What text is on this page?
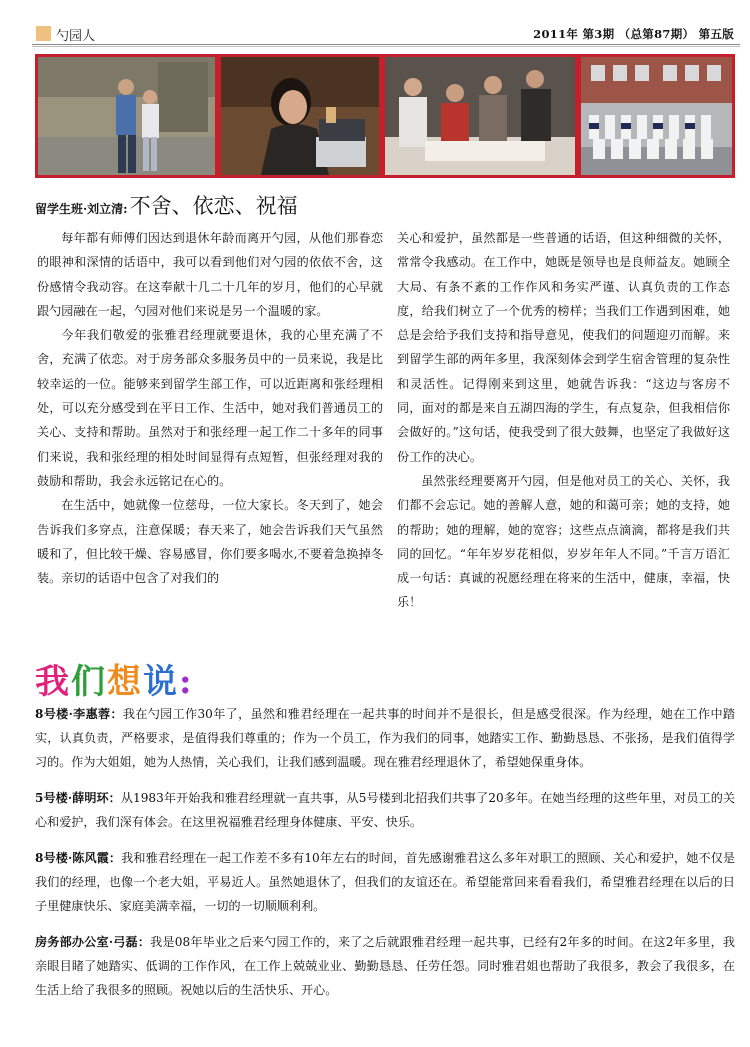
勺园人	2011年 第3期 （总第87期） 第五版
留学生班·刘立清:不舍、依恋、祝福

每年都有师傅们因达到退休年龄而离开勺园，从他们那眷恋的眼神和深情的话语中，我可以看到他们对勺园的依依不舍，这份感情令我动容。在这奉献十几二十几年的岁月，他们的心早就跟勺园融在一起，勺园对他们来说是另一个温暖的家。

今年我们敬爱的张雅君经理就要退休，我的心里充满了不舍，充满了依恋。对于房务部众多服务员中的一员来说，我是比较幸运的一位。能够来到留学生部工作，可以近距离和张经理相处，可以充分感受到在平日工作、生活中，她对我们普通员工的关心、支持和帮助。虽然对于和张经理一起工作二十多年的同事们来说，我和张经理的相处时间显得有点短暂，但张经理对我的鼓励和帮助，我会永远铭记在心的。

在生活中，她就像一位慈母，一位大家长。冬天到了，她会告诉我们多穿点，注意保暖；春天来了，她会告诉我们天气虽然暖和了，但比较干燥、容易感冒，你们要多喝水,不要着急换掉冬装。亲切的话语中包含了对我们的

关心和爱护，虽然都是一些普通的话语，但这种细微的关怀，常常令我感动。在工作中，她既是领导也是良师益友。她顾全大局、有条不紊的工作作风和务实严谨、认真负责的工作态度，给我们树立了一个优秀的榜样；当我们工作遇到困难，她总是会给予我们支持和指导意见，使我们的问题迎刃而解。来到留学生部的两年多里，我深刻体会到学生宿舍管理的复杂性和灵活性。记得刚来到这里，她就告诉我：“这边与客房不同，面对的都是来自五湖四海的学生，有点复杂，但我相信你会做好的。”这句话，使我受到了很大鼓舞，也坚定了我做好这份工作的决心。

虽然张经理要离开勺园，但是他对员工的关心、关怀，我们都不会忘记。她的善解人意，她的和蔼可亲；她的支持，她的帮助；她的理解，她的宽容；这些点点滴滴，都将是我们共同的回忆。“年年岁岁花相似，岁岁年年人不同。”千言万语汇成一句话：真诚的祝愿经理在将来的生活中，健康，幸福，快乐！

我们想说:

8号楼·李惠蓉：我在勺园工作30年了，虽然和雅君经理在一起共事的时间并不是很长，但是感受很深。作为经理，她在工作中踏实，认真负责，严格要求，是值得我们尊重的；作为一个员工，作为我们的同事，她踏实工作、勤勤恳恳、不张扬，是我们值得学习的。作为大姐姐，她为人热情，关心我们，让我们感到温暖。现在雅君经理退休了，希望她保重身体。

5号楼·薛明环：从1983年开始我和雅君经理就一直共事，从5号楼到北招我们共事了20多年。在她当经理的这些年里，对员工的关心和爱护，我们深有体会。在这里祝福雅君经理身体健康、平安、快乐。

8号楼·陈风霞：我和雅君经理在一起工作差不多有10年左右的时间，首先感谢雅君这么多年对职工的照顾、关心和爱护，她不仅是我们的经理，也像一个老大姐，平易近人。虽然她退休了，但我们的友谊还在。希望能常回来看看我们，希望雅君经理在以后的日子里健康快乐、家庭美满幸福，一切的一切顺顺利利。

房务部办公室·弓磊：我是08年毕业之后来勺园工作的，来了之后就跟雅君经理一起共事，已经有2年多的时间。在这2年多里，我亲眼目睹了她踏实、低调的工作作风，在工作上兢兢业业、勤勤恳恳、任劳任怨。同时雅君姐也帮助了我很多，教会了我很多，在生活上给了我很多的照顾。祝她以后的生活快乐、开心。
